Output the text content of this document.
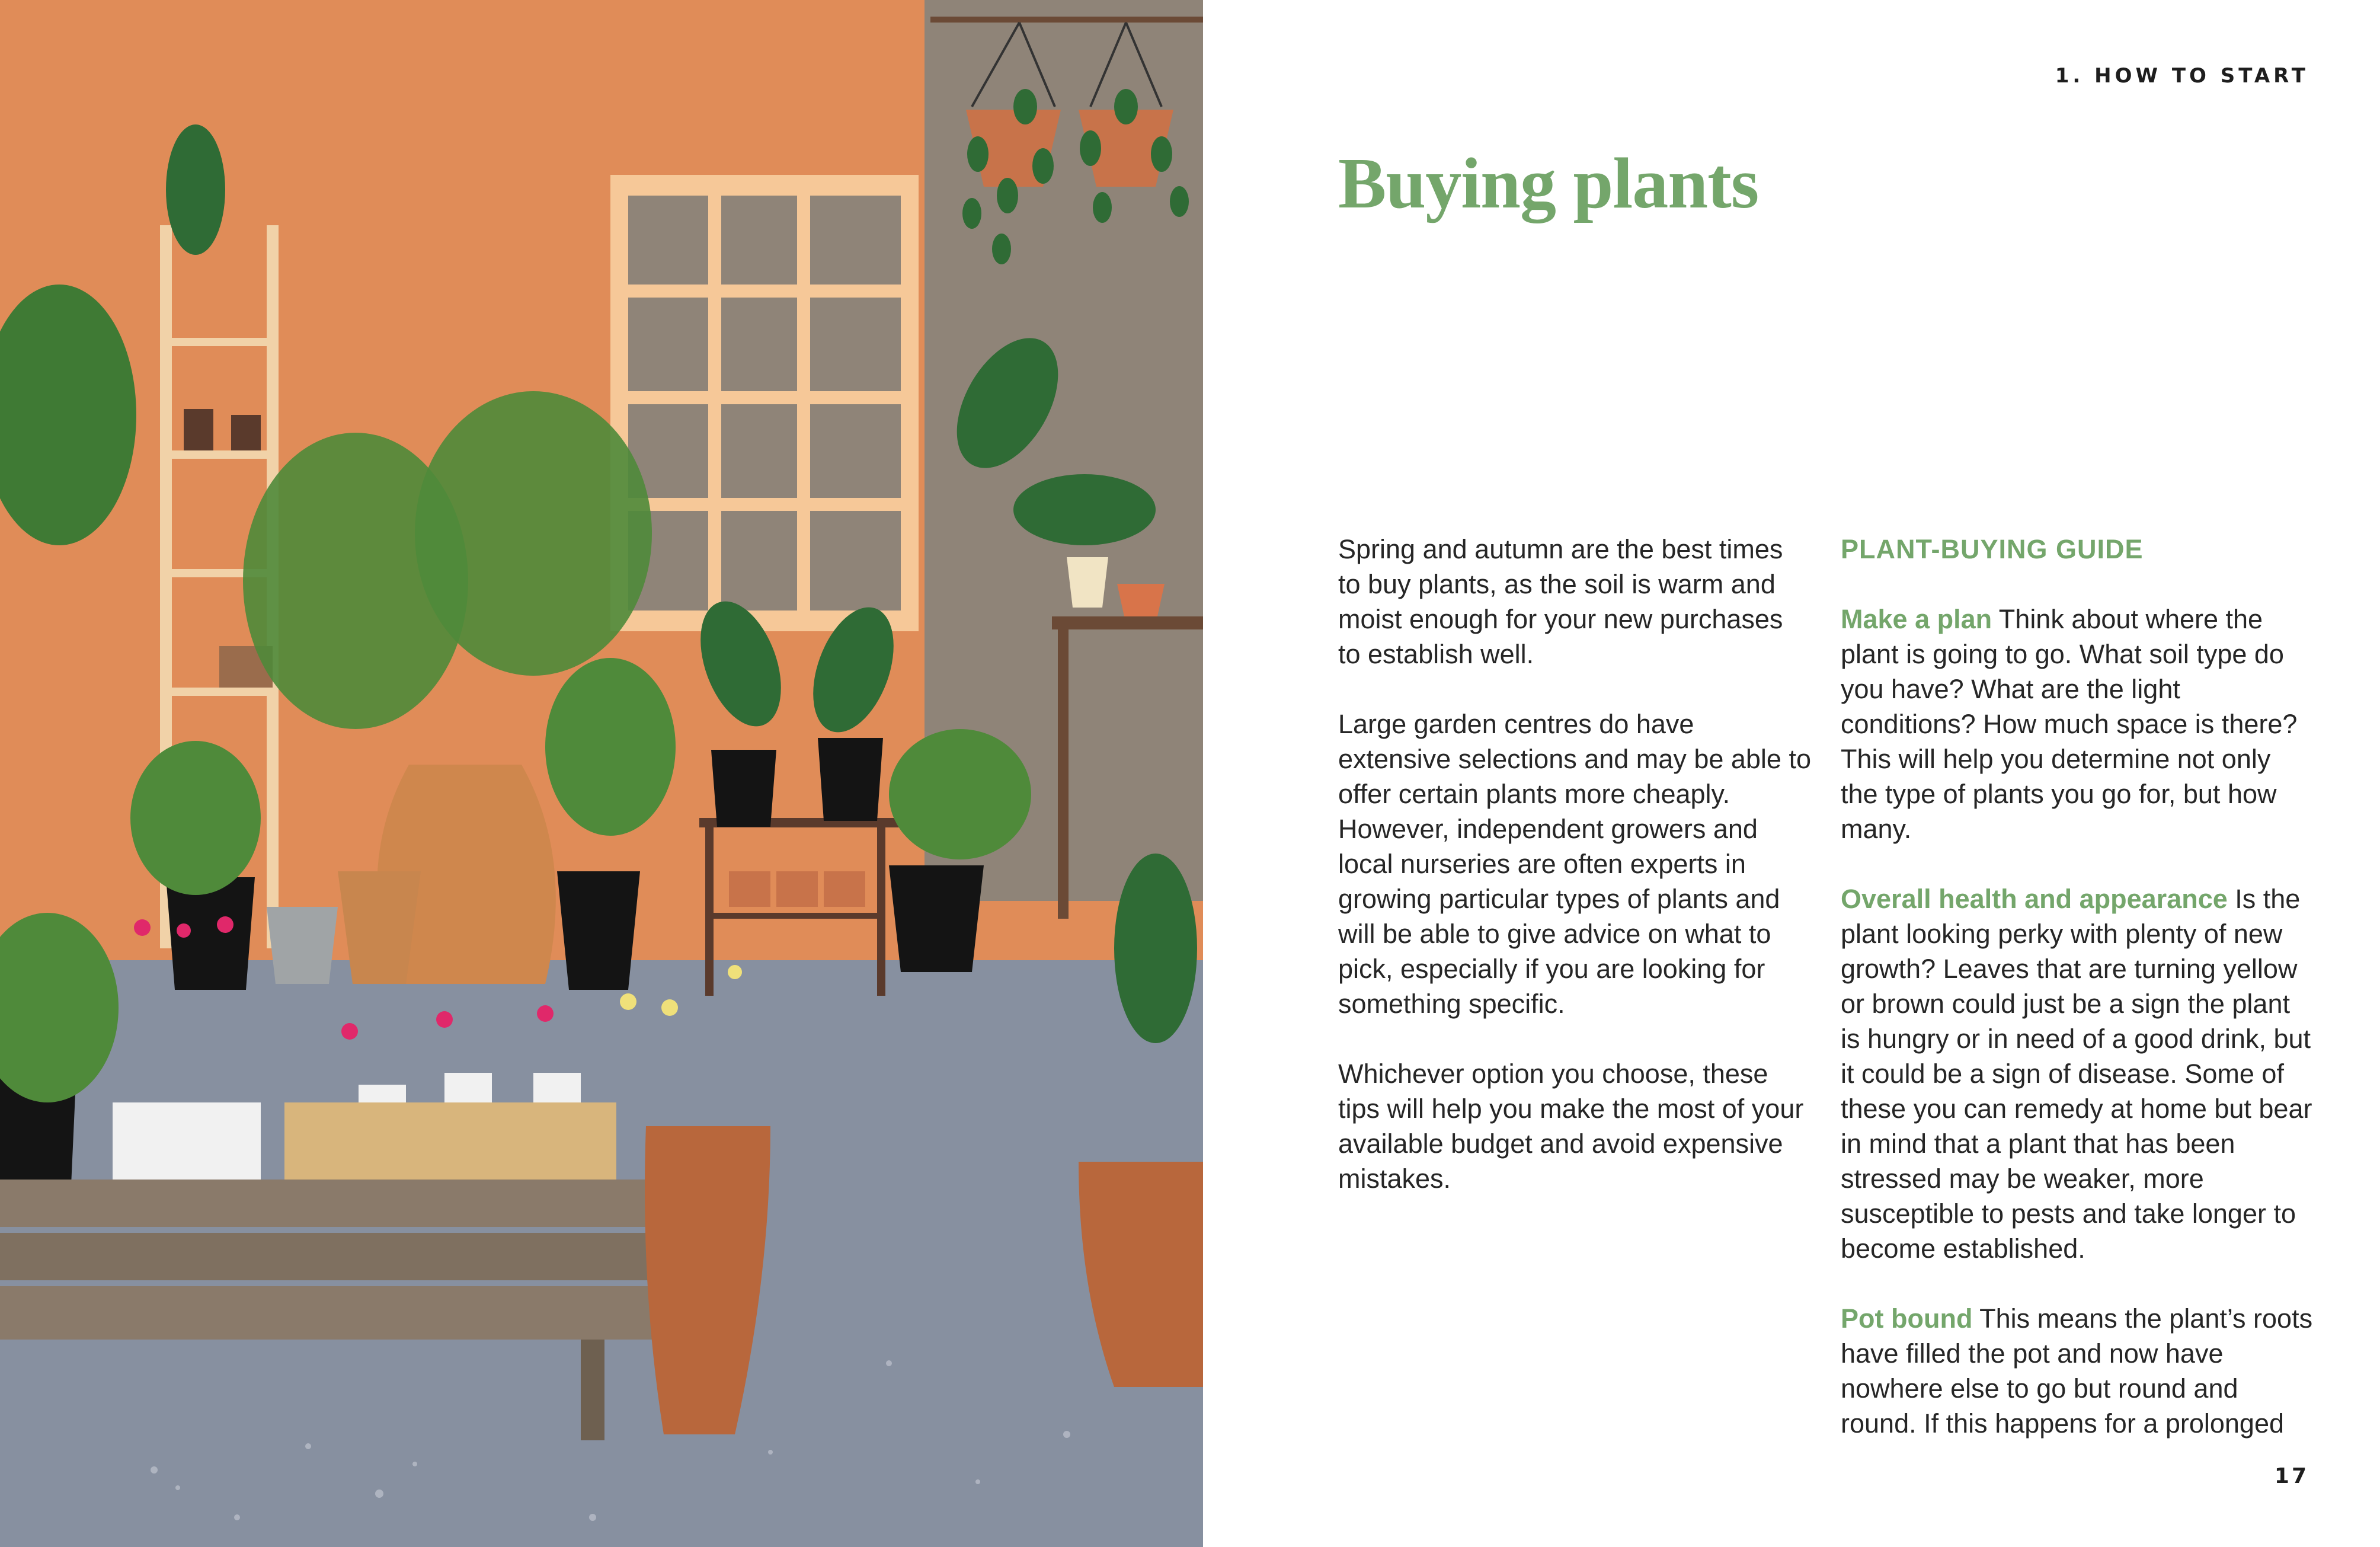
1. HOW TO START
Buying plants

Spring and autumn are the best times to buy plants, as the soil is warm and moist enough for your new purchases to establish well.

Large garden centres do have extensive selections and may be able to offer certain plants more cheaply. However, independent growers and local nurseries are often experts in growing particular types of plants and will be able to give advice on what to pick, especially if you are looking for something specific.

Whichever option you choose, these tips will help you make the most of your available budget and avoid expensive mistakes.

PLANT-BUYING GUIDE

Make a plan Think about where the plant is going to go. What soil type do you have? What are the light conditions? How much space is there? This will help you determine not only the type of plants you go for, but how many.

Overall health and appearance Is the plant looking perky with plenty of new growth? Leaves that are turning yellow or brown could just be a sign the plant is hungry or in need of a good drink, but it could be a sign of disease. Some of these you can remedy at home but bear in mind that a plant that has been stressed may be weaker, more susceptible to pests and take longer to become established.

Pot bound This means the plant’s roots have filled the pot and now have nowhere else to go but round and round. If this happens for a prolonged

17
